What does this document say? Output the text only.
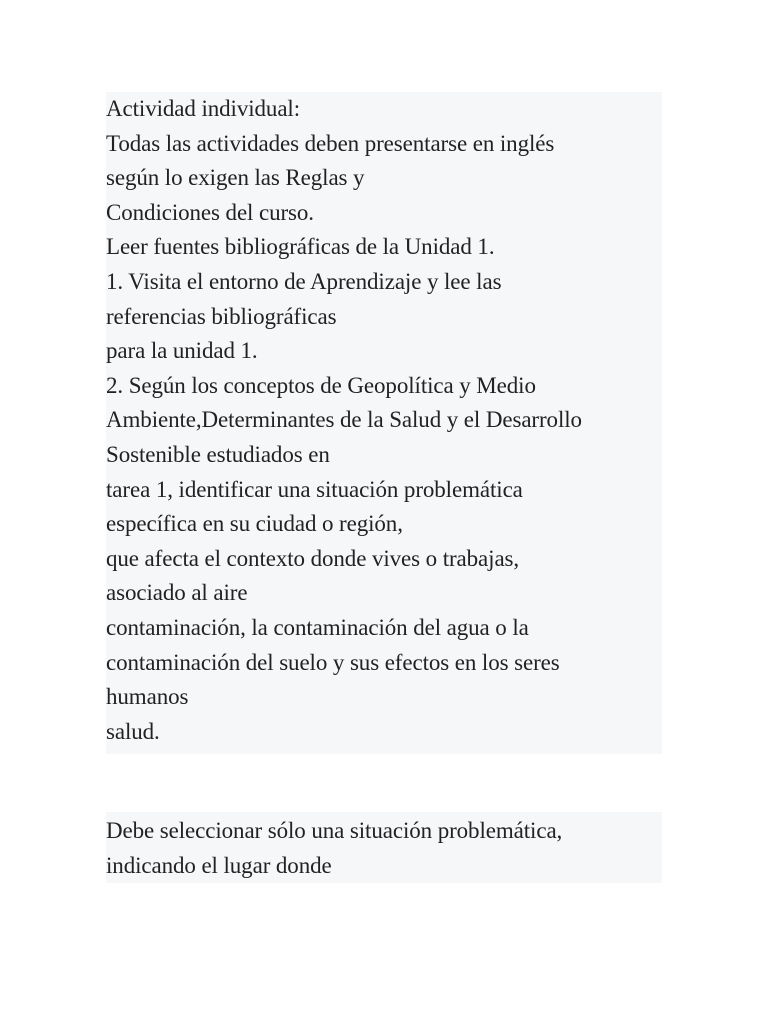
Actividad individual:
Todas las actividades deben presentarse en inglés
según lo exigen las Reglas y
Condiciones del curso.
Leer fuentes bibliográficas de la Unidad 1.
1. Visita el entorno de Aprendizaje y lee las
referencias bibliográficas
para la unidad 1.
2. Según los conceptos de Geopolítica y Medio
Ambiente,Determinantes de la Salud y el Desarrollo
Sostenible estudiados en
tarea 1, identificar una situación problemática
específica en su ciudad o región,
que afecta el contexto donde vives o trabajas,
asociado al aire
contaminación, la contaminación del agua o la
contaminación del suelo y sus efectos en los seres
humanos
salud.
Debe seleccionar sólo una situación problemática,
indicando el lugar donde
